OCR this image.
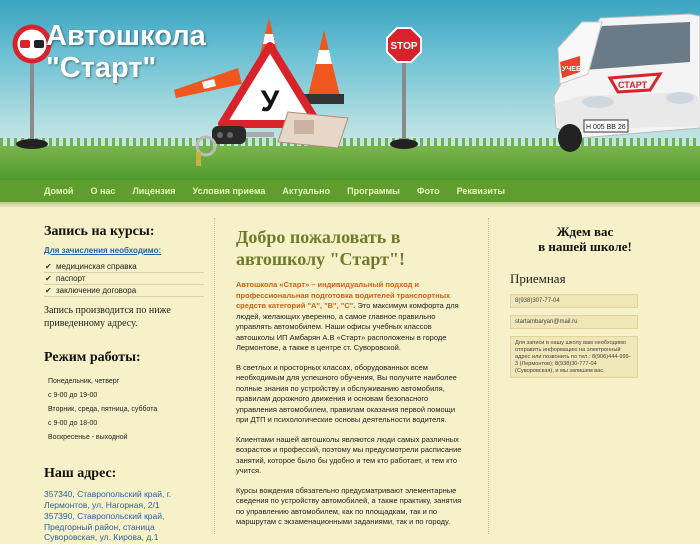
Автошкола
"Старт"
У
STOP
УЧЕБ
СТАРТ
Н 005 ВВ 26
Домой О нас Лицензия Условия приема Актуально Программы Фото Реквизиты
Запись на курсы:
Для зачисления необходимо:
✔ медицинская справка
✔ паспорт
✔ заключение договора

Запись производится по ниже приведенному адресу.

Режим работы:

Понедельник, четверг

с 9-00 до 19-00

Вторник, среда, пятница, суббота

с 9-00 до 18-00

Воскресенье - выходной

Наш адрес:

357340, Ставропольский край, г. Лермонтов, ул. Нагорная, 2/1

357390, Ставропольский край, Предгорный район, станица Суворовская, ул. Кирова, д.1

Добро пожаловать в автошколу "Старт"!

Автошкола «Старт» – индивидуальный подход и профессиональная подготовка водителей транспортных средств категорий "А", "В", "С". Это максимум комфорта для людей, желающих уверенно, а самое главное правильно управлять автомобилем. Наши офисы учебных классов автошколы ИП Амбарян А.В «Старт» расположены в городе Лермонтове, а также в центре ст. Суворовской.

В светлых и просторных классах, оборудованных всем необходимым для успешного обучения, Вы получите наиболее полные знания по устройству и обслуживанию автомобиля, правилам дорожного движения и основам безопасного управления автомобилем, правилам оказания первой помощи при ДТП и психологические основы деятельности водителя.

Клиентами нашей автошколы являются люди самых различных возрастов и профессий, поэтому мы предусмотрели расписание занятий, которое было бы удобно и тем кто работает, и тем кто учится.

Курсы вождения обязательно предусматривают элементарные сведения по устройству автомобилей, а также практику, занятия по управлению автомобилем, как по площадкам, так и по маршрутам с экзаменационными заданиями, так и по городу.

Ждем вас
в нашей школе!
Приемная
8(938)307-77-04
startambaryan@mail.ru
Для записи в нашу школу вам необходимо отправить информацию на электронный адрес или позвонить по тел.: 8(906)444-999-3 (Лермонтов); 8(938)30-777-04 (Суворовская), и мы запишем вас.
